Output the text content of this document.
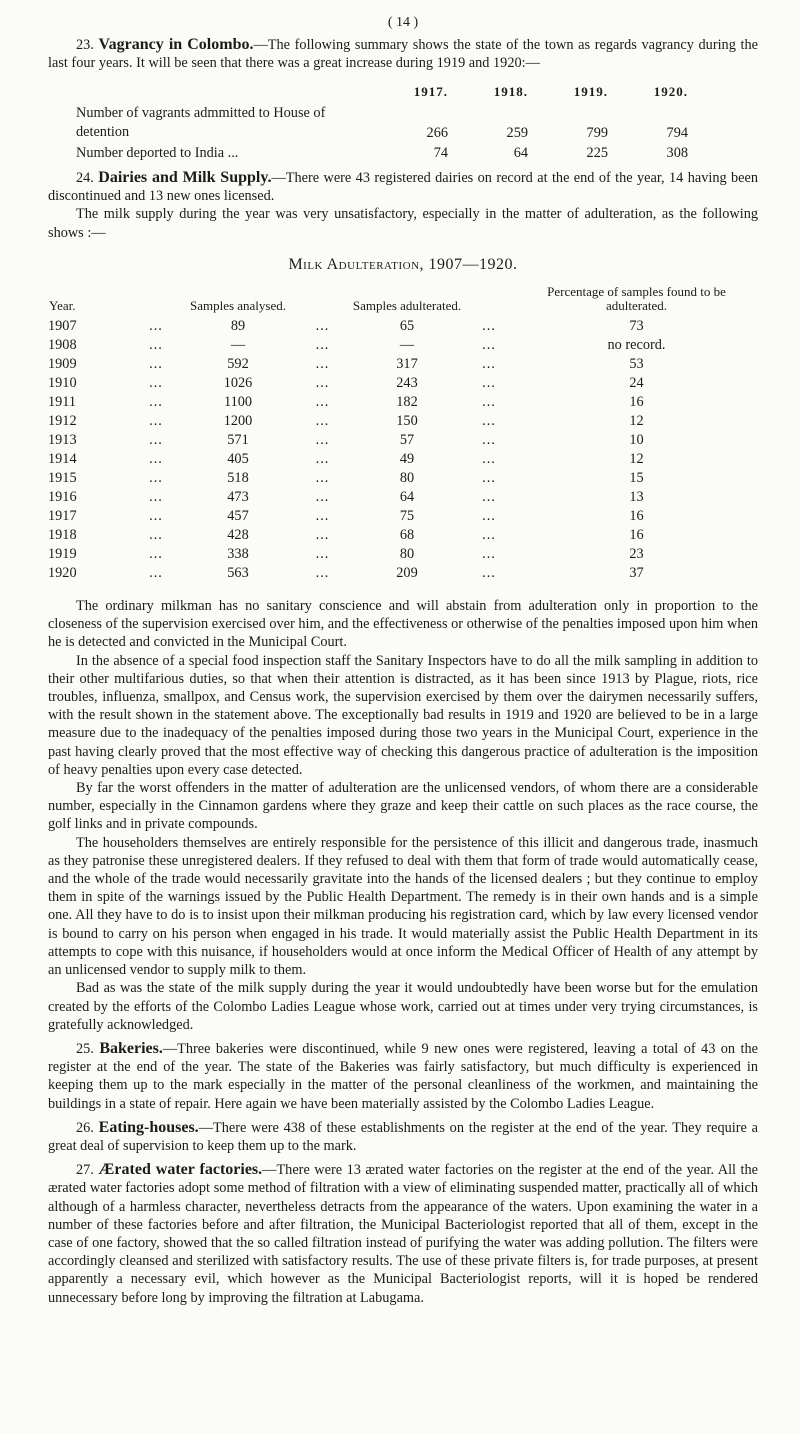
( 14 )

23. Vagrancy in Colombo.—The following summary shows the state of the town as regards vagrancy during the last four years. It will be seen that there was a great increase during 1919 and 1920:—

	1917.	1918.	1919.	1920.
Number of vagrants admmitted to House of detention	266	259	799	794
Number deported to India ...	74	64	225	308

24. Dairies and Milk Supply.—There were 43 registered dairies on record at the end of the year, 14 having been discontinued and 13 new ones licensed.

The milk supply during the year was very unsatisfactory, especially in the matter of adulteration, as the following shows :—

Milk Adulteration, 1907—1920.
Year.		Samples analysed.		Samples adulterated.		Percentage of samples found to be adulterated.
1907	...	89	...	65	...	73
1908	...	—	...	—	...	no record.
1909	...	592	...	317	...	53
1910	...	1026	...	243	...	24
1911	...	1100	...	182	...	16
1912	...	1200	...	150	...	12
1913	...	571	...	57	...	10
1914	...	405	...	49	...	12
1915	...	518	...	80	...	15
1916	...	473	...	64	...	13
1917	...	457	...	75	...	16
1918	...	428	...	68	...	16
1919	...	338	...	80	...	23
1920	...	563	...	209	...	37

The ordinary milkman has no sanitary conscience and will abstain from adulteration only in proportion to the closeness of the supervision exercised over him, and the effectiveness or otherwise of the penalties imposed upon him when he is detected and convicted in the Municipal Court.

In the absence of a special food inspection staff the Sanitary Inspectors have to do all the milk sampling in addition to their other multifarious duties, so that when their attention is distracted, as it has been since 1913 by Plague, riots, rice troubles, influenza, smallpox, and Census work, the supervision exercised by them over the dairymen necessarily suffers, with the result shown in the statement above. The exceptionally bad results in 1919 and 1920 are believed to be in a large measure due to the inadequacy of the penalties imposed during those two years in the Municipal Court, experience in the past having clearly proved that the most effective way of checking this dangerous practice of adulteration is the imposition of heavy penalties upon every case detected.

By far the worst offenders in the matter of adulteration are the unlicensed vendors, of whom there are a considerable number, especially in the Cinnamon gardens where they graze and keep their cattle on such places as the race course, the golf links and in private compounds.

The householders themselves are entirely responsible for the persistence of this illicit and dangerous trade, inasmuch as they patronise these unregistered dealers. If they refused to deal with them that form of trade would automatically cease, and the whole of the trade would necessarily gravitate into the hands of the licensed dealers ; but they continue to employ them in spite of the warnings issued by the Public Health Department. The remedy is in their own hands and is a simple one. All they have to do is to insist upon their milkman producing his registration card, which by law every licensed vendor is bound to carry on his person when engaged in his trade. It would materially assist the Public Health Department in its attempts to cope with this nuisance, if householders would at once inform the Medical Officer of Health of any attempt by an unlicensed vendor to supply milk to them.

Bad as was the state of the milk supply during the year it would undoubtedly have been worse but for the emulation created by the efforts of the Colombo Ladies League whose work, carried out at times under very trying circumstances, is gratefully acknowledged.

25. Bakeries.—Three bakeries were discontinued, while 9 new ones were registered, leaving a total of 43 on the register at the end of the year. The state of the Bakeries was fairly satisfactory, but much difficulty is experienced in keeping them up to the mark especially in the matter of the personal cleanliness of the workmen, and maintaining the buildings in a state of repair. Here again we have been materially assisted by the Colombo Ladies League.

26. Eating-houses.—There were 438 of these establishments on the register at the end of the year. They require a great deal of supervision to keep them up to the mark.

27. Ærated water factories.—There were 13 ærated water factories on the register at the end of the year. All the ærated water factories adopt some method of filtration with a view of eliminating suspended matter, practically all of which although of a harmless character, nevertheless detracts from the appearance of the waters. Upon examining the water in a number of these factories before and after filtration, the Municipal Bacteriologist reported that all of them, except in the case of one factory, showed that the so called filtration instead of purifying the water was adding pollution. The filters were accordingly cleansed and sterilized with satisfactory results. The use of these private filters is, for trade purposes, at present apparently a necessary evil, which however as the Municipal Bacteriologist reports, will it is hoped be rendered unnecessary before long by improving the filtration at Labugama.
